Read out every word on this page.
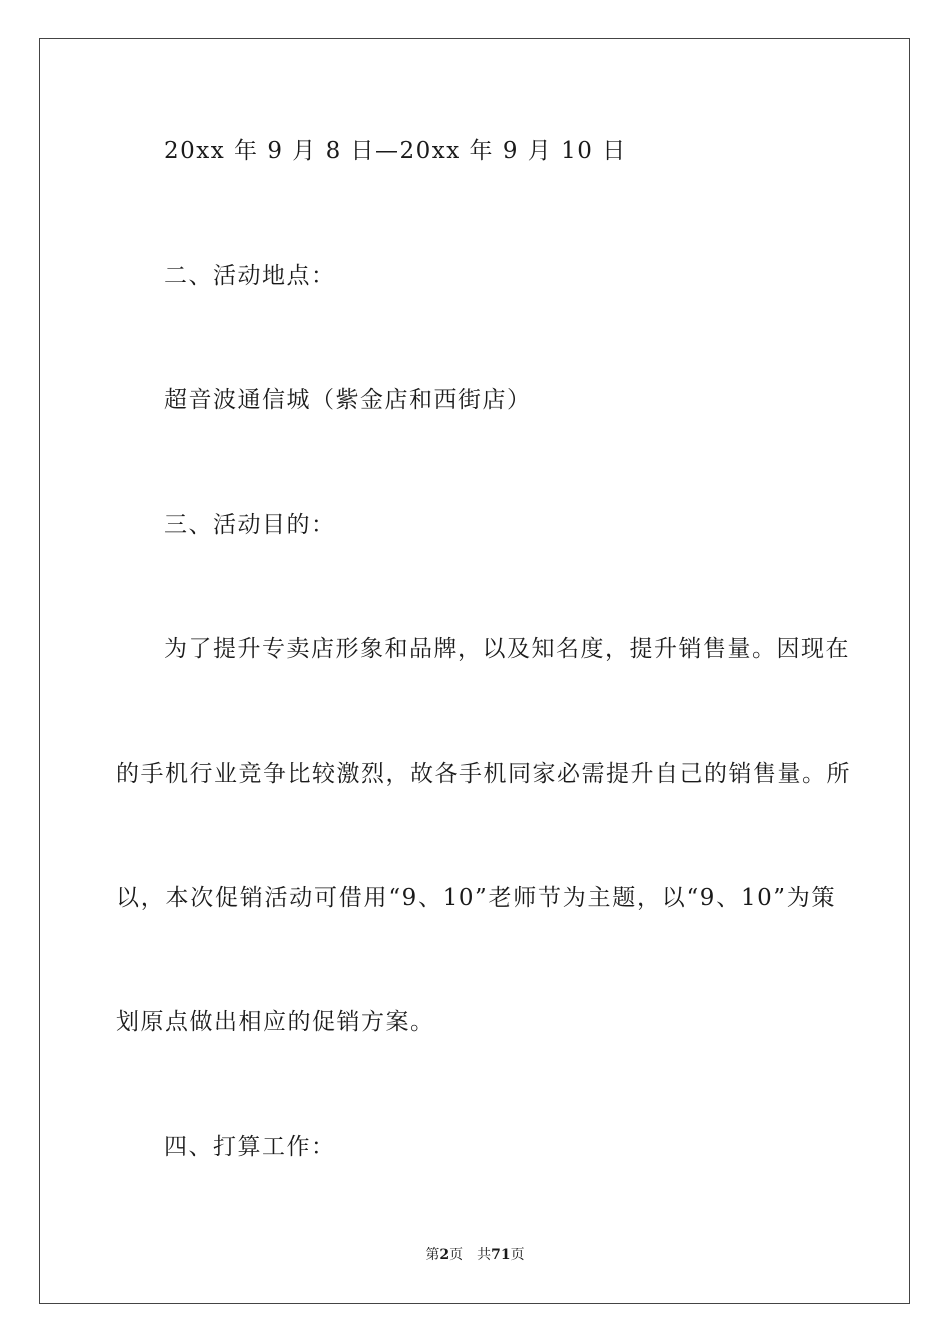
20xx 年 9 月 8 日—20xx 年 9 月 10 日
二、活动地点：
超音波通信城（紫金店和西街店）
三、活动目的：
为了提升专卖店形象和品牌，以及知名度，提升销售量。因现在
的手机行业竞争比较激烈，故各手机同家必需提升自己的销售量。所
以，本次促销活动可借用“9、10”老师节为主题，以“9、10”为策
划原点做出相应的促销方案。
四、打算工作：
第2页 共71页
